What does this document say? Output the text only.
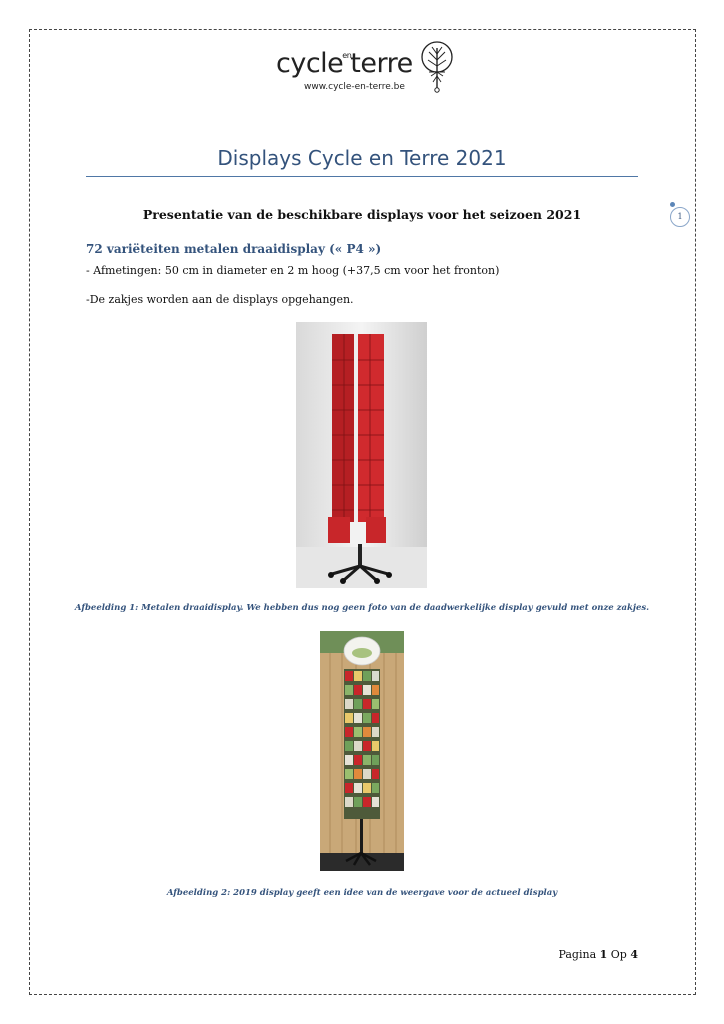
cycle$^{en}$terre
www.cycle-en-terre.be
Displays Cycle en Terre 2021
1
Presentatie van de beschikbare displays voor het seizoen 2021
72 variëteiten metalen draaidisplay (« P4 »)
- Afmetingen: 50 cm in diameter en 2 m hoog (+37,5 cm voor het fronton)
-De zakjes worden aan de displays opgehangen.
Afbeelding 1: Metalen draaidisplay. We hebben dus nog geen foto van de daadwerkelijke display gevuld met onze zakjes.
Afbeelding 2: 2019 display geeft een idee van de weergave voor de actueel display
Pagina 1 Op 4
